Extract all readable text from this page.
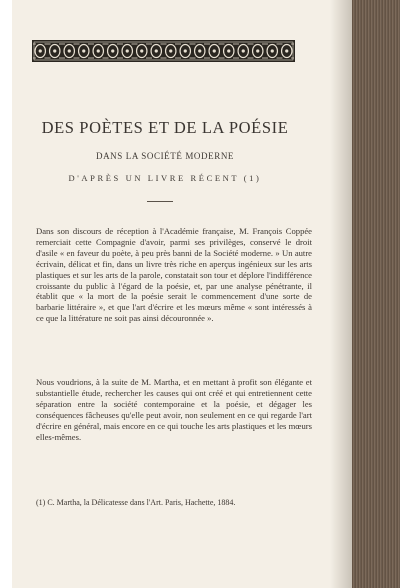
DES POÈTES ET DE LA POÉSIE
DANS LA SOCIÉTÉ MODERNE
D'APRÈS UN LIVRE RÉCENT (1)

Dans son discours de réception à l'Académie française, M. François Coppée remerciait cette Compagnie d'avoir, parmi ses privilèges, conservé le droit d'asile « en faveur du poète, à peu près banni de la Société moderne. » Un autre écrivain, délicat et fin, dans un livre très riche en aperçus ingénieux sur les arts plastiques et sur les arts de la parole, constatait son tour et déplore l'indifférence croissante du public à l'égard de la poésie, et, par une analyse pénétrante, il établit que « la mort de la poésie serait le commencement d'une sorte de barbarie littéraire », et que l'art d'écrire et les mœurs même « sont intéressés à ce que la littérature ne soit pas ainsi découronnée ».

Nous voudrions, à la suite de M. Martha, et en mettant à profit son élégante et substantielle étude, rechercher les causes qui ont créé et qui entretiennent cette séparation entre la société contemporaine et la poésie, et dégager les conséquences fâcheuses qu'elle peut avoir, non seulement en ce qui regarde l'art d'écrire en général, mais encore en ce qui touche les arts plastiques et les mœurs elles-mêmes.

(1) C. Martha, la Délicatesse dans l'Art. Paris, Hachette, 1884.
